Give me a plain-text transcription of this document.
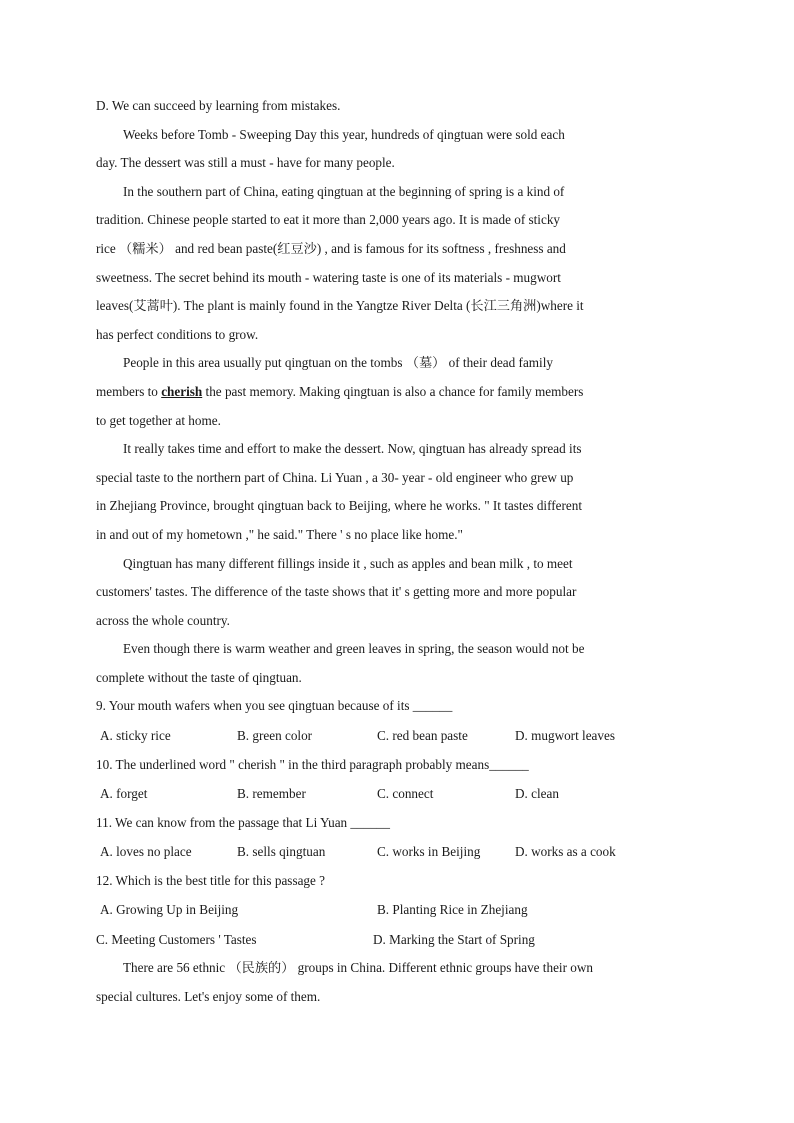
D. We can succeed by learning from mistakes.

Weeks before Tomb - Sweeping Day this year, hundreds of qingtuan were sold each

day. The dessert was still a must - have for many people.

In the southern part of China, eating qingtuan at the beginning of spring is a kind of

tradition. Chinese people started to eat it more than 2,000 years ago. It is made of sticky

rice （糯米） and red bean paste(红豆沙) , and is famous for its softness , freshness and

sweetness. The secret behind its mouth - watering taste is one of its materials - mugwort

leaves(艾蒿叶). The plant is mainly found in the Yangtze River Delta (长江三角洲)where it

has perfect conditions to grow.

People in this area usually put qingtuan on the tombs （墓） of their dead family

members to cherish the past memory. Making qingtuan is also a chance for family members

to get together at home.

It really takes time and effort to make the dessert. Now, qingtuan has already spread its

special taste to the northern part of China. Li Yuan , a 30- year - old engineer who grew up

in Zhejiang Province, brought qingtuan back to Beijing, where he works. " It tastes different

in and out of my hometown ," he said." There ' s no place like home."

Qingtuan has many different fillings inside it , such as apples and bean milk , to meet

customers' tastes. The difference of the taste shows that it' s getting more and more popular

across the whole country.

Even though there is warm weather and green leaves in spring, the season would not be

complete without the taste of qingtuan.

9. Your mouth wafers when you see qingtuan because of its ______

A. sticky rice	B. green color	C. red bean paste	D. mugwort leaves

10. The underlined word " cherish " in the third paragraph probably means______

A. forget	B. remember	C. connect	D. clean

11. We can know from the passage that Li Yuan ______

A. loves no place	B. sells qingtuan	C. works in Beijing	D. works as a cook

12. Which is the best title for this passage ?

A. Growing Up in Beijing	B. Planting Rice in Zhejiang
C. Meeting Customers ' Tastes	D. Marking the Start of Spring

There are 56 ethnic （民族的） groups in China. Different ethnic groups have their own

special cultures. Let's enjoy some of them.
